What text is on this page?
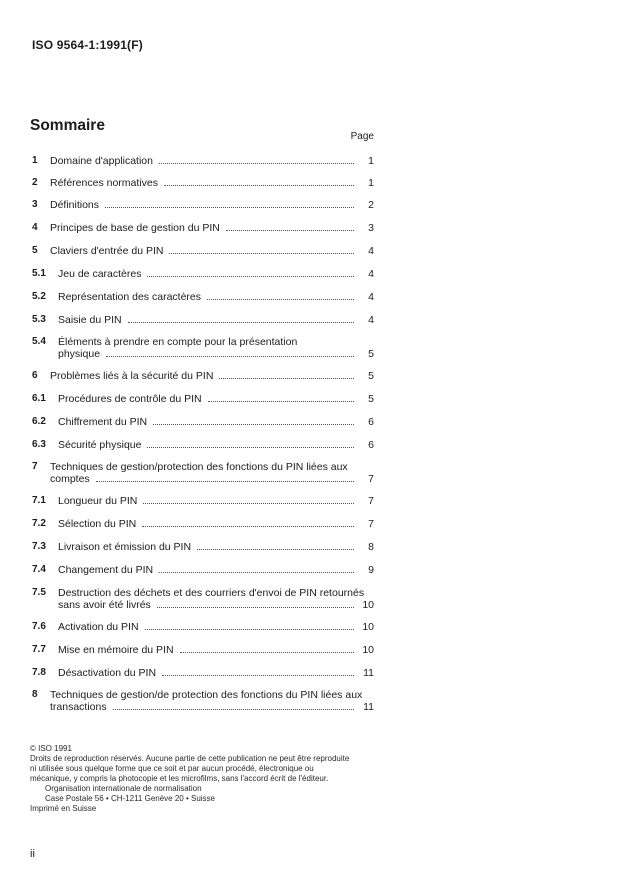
ISO 9564-1:1991(F)
Sommaire
Page
1 Domaine d'application	1
2 Références normatives	1
3 Définitions	2
4 Principes de base de gestion du PIN	3
5 Claviers d'entrée du PIN	4
5.1 Jeu de caractères	4
5.2 Représentation des caractères	4
5.3 Saisie du PIN	4
5.4 Éléments à prendre en compte pour la présentation
physique	5
6 Problèmes liés à la sécurité du PIN	5
6.1 Procédures de contrôle du PIN	5
6.2 Chiffrement du PIN	6
6.3 Sécurité physique	6
7 Techniques de gestion/protection des fonctions du PIN liées aux
comptes	7
7.1 Longueur du PIN	7
7.2 Sélection du PIN	7
7.3 Livraison et émission du PIN	8
7.4 Changement du PIN	9
7.5 Destruction des déchets et des courriers d'envoi de PIN retournés
sans avoir été livrés	10
7.6 Activation du PIN	10
7.7 Mise en mémoire du PIN	10
7.8 Désactivation du PIN	11
8 Techniques de gestion/de protection des fonctions du PIN liées aux
transactions	11

© ISO 1991

Droits de reproduction réservés. Aucune partie de cette publication ne peut être reproduite ni utilisée sous quelque forme que ce soit et par aucun procédé, électronique ou mécanique, y compris la photocopie et les microfilms, sans l'accord écrit de l'éditeur.

Organisation internationale de normalisation

Case Postale 56 • CH-1211 Genève 20 • Suisse

Imprimé en Suisse

ii
